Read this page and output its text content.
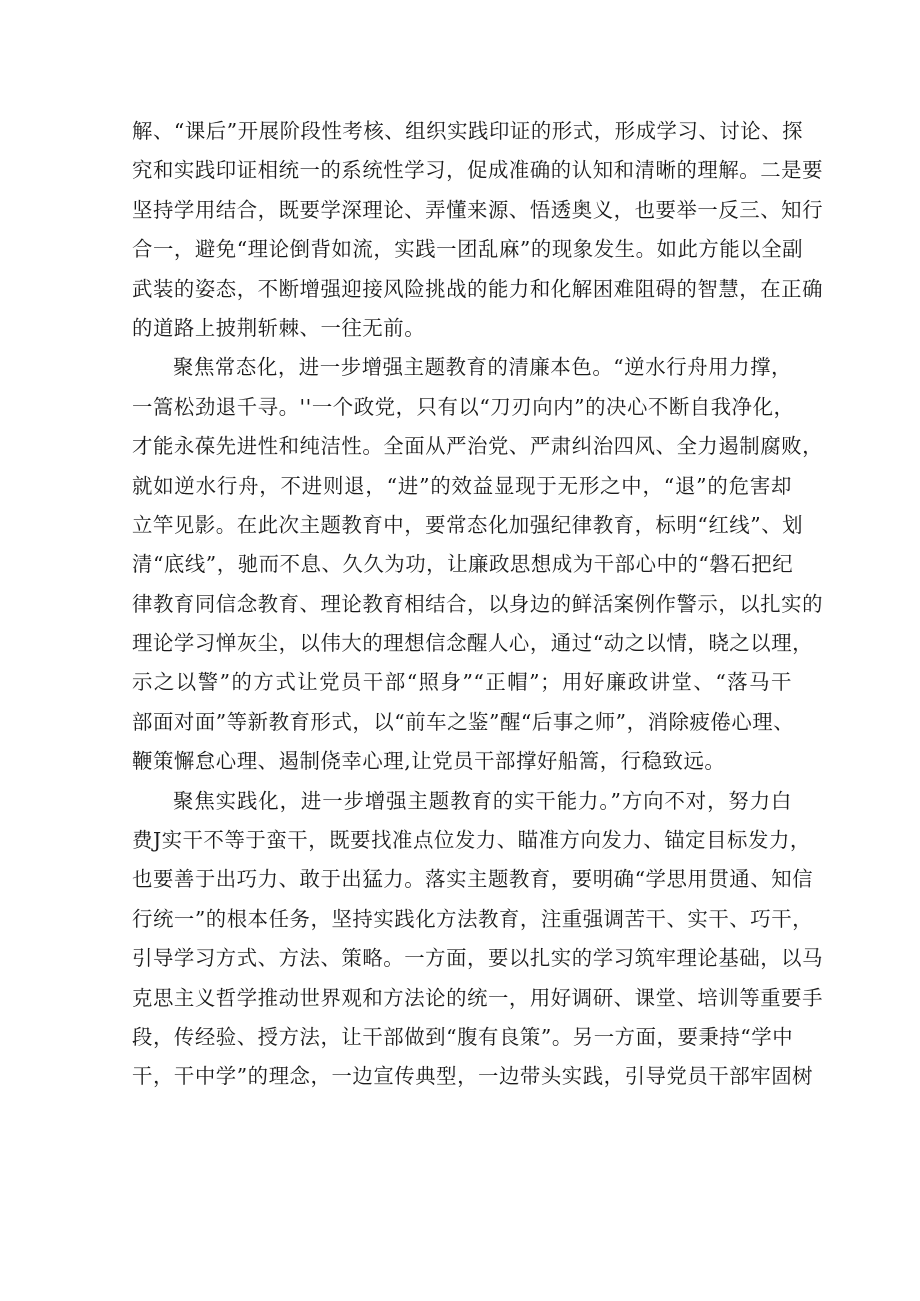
解、“课后”开展阶段性考核、组织实践印证的形式，形成学习、讨论、探
究和实践印证相统一的系统性学习，促成准确的认知和清晰的理解。二是要
坚持学用结合，既要学深理论、弄懂来源、悟透奥义，也要举一反三、知行
合一，避免“理论倒背如流，实践一团乱麻”的现象发生。如此方能以全副
武装的姿态，不断增强迎接风险挑战的能力和化解困难阻碍的智慧，在正确
的道路上披荆斩棘、一往无前。
聚焦常态化，进一步增强主题教育的清廉本色。“逆水行舟用力撑，
一篙松劲退千寻。''一个政党，只有以“刀刃向内”的决心不断自我净化，
才能永葆先进性和纯洁性。全面从严治党、严肃纠治四风、全力遏制腐败，
就如逆水行舟，不进则退，“进”的效益显现于无形之中，“退”的危害却
立竿见影。在此次主题教育中，要常态化加强纪律教育，标明“红线”、划
清“底线”，驰而不息、久久为功，让廉政思想成为干部心中的“磐石把纪
律教育同信念教育、理论教育相结合，以身边的鲜活案例作警示，以扎实的
理论学习惮灰尘，以伟大的理想信念醒人心，通过“动之以情，晓之以理，
示之以警”的方式让党员干部“照身”“正帽”；用好廉政讲堂、“落马干
部面对面”等新教育形式，以“前车之鉴”醒“后事之师”，消除疲倦心理、
鞭策懈怠心理、遏制侥幸心理,让党员干部撑好船篙，行稳致远。
聚焦实践化，进一步增强主题教育的实干能力。”方向不对，努力白
费J实干不等于蛮干，既要找准点位发力、瞄准方向发力、锚定目标发力，
也要善于出巧力、敢于出猛力。落实主题教育，要明确“学思用贯通、知信
行统一”的根本任务，坚持实践化方法教育，注重强调苦干、实干、巧干，
引导学习方式、方法、策略。一方面，要以扎实的学习筑牢理论基础，以马
克思主义哲学推动世界观和方法论的统一，用好调研、课堂、培训等重要手
段，传经验、授方法，让干部做到“腹有良策”。另一方面，要秉持“学中
干，干中学”的理念，一边宣传典型，一边带头实践，引导党员干部牢固树
